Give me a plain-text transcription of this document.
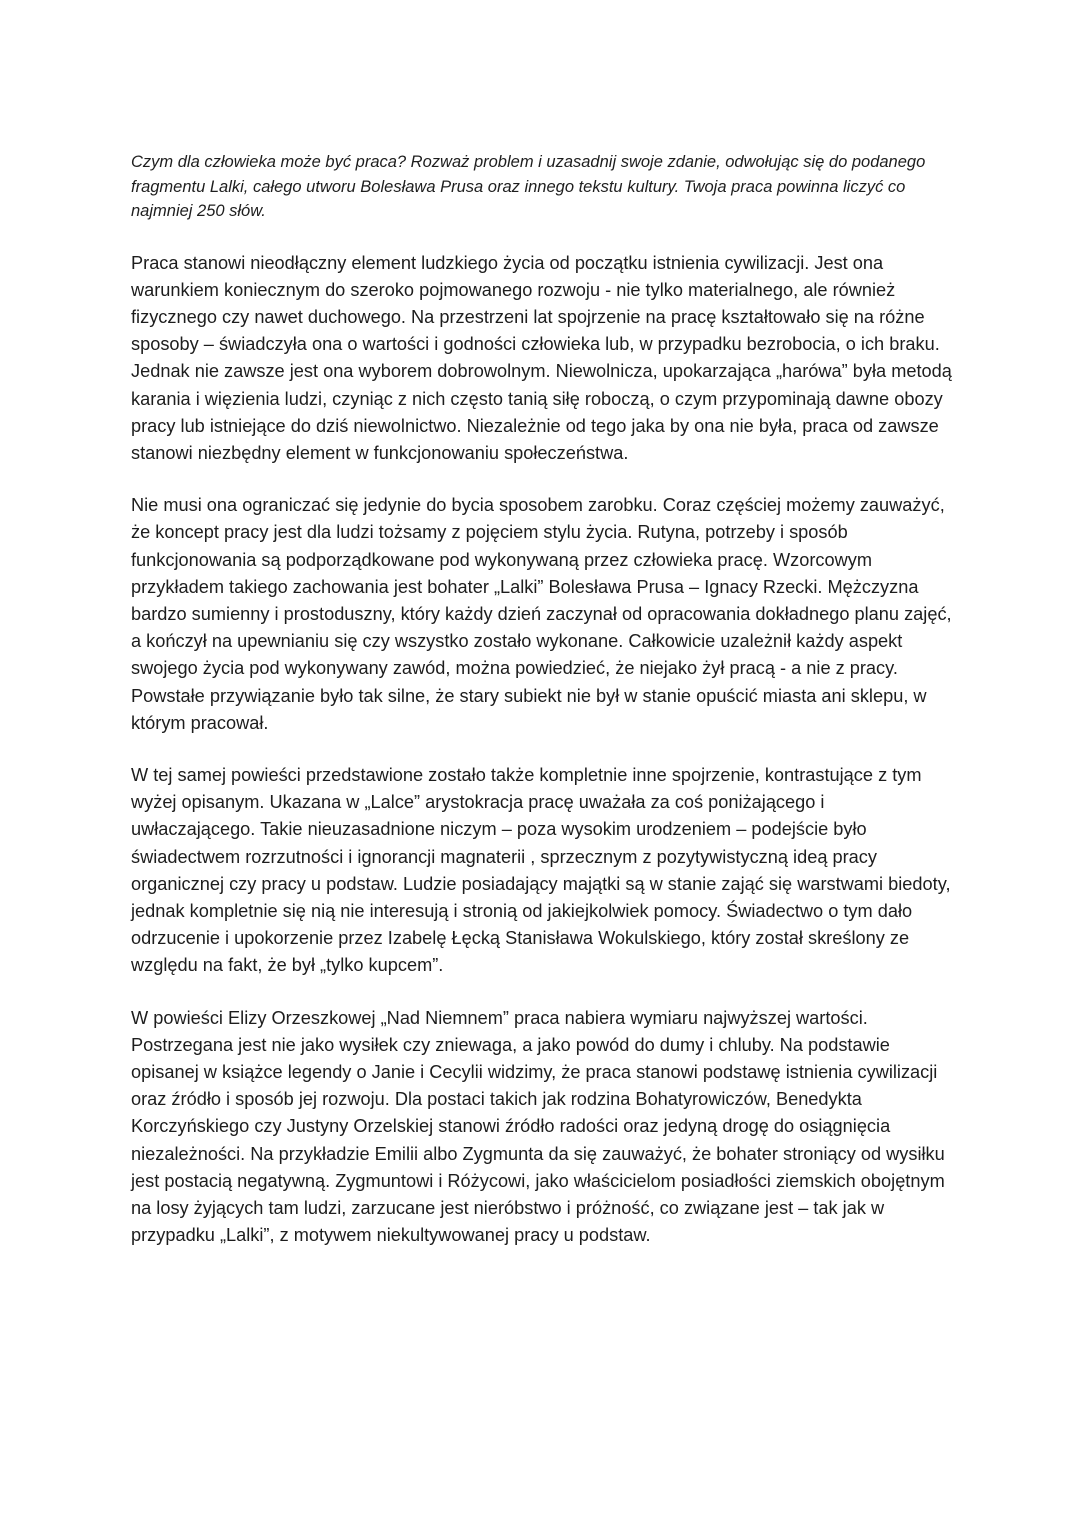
Czym dla człowieka może być praca? Rozważ problem i uzasadnij swoje zdanie, odwołując się do podanego fragmentu Lalki, całego utworu Bolesława Prusa oraz innego tekstu kultury. Twoja praca powinna liczyć co najmniej 250 słów.

Praca stanowi nieodłączny element ludzkiego życia od początku istnienia cywilizacji. Jest ona warunkiem koniecznym do szeroko pojmowanego rozwoju - nie tylko materialnego, ale również fizycznego czy nawet duchowego. Na przestrzeni lat spojrzenie na pracę kształtowało się na różne sposoby – świadczyła ona o wartości i godności człowieka lub, w przypadku bezrobocia, o ich braku. Jednak nie zawsze jest ona wyborem dobrowolnym. Niewolnicza, upokarzająca „harówa” była metodą karania i więzienia ludzi, czyniąc z nich często tanią siłę roboczą, o czym przypominają dawne obozy pracy lub istniejące do dziś niewolnictwo. Niezależnie od tego jaka by ona nie była, praca od zawsze stanowi niezbędny element w funkcjonowaniu społeczeństwa.

Nie musi ona ograniczać się jedynie do bycia sposobem zarobku. Coraz częściej możemy zauważyć, że koncept pracy jest dla ludzi tożsamy z pojęciem stylu życia. Rutyna, potrzeby i sposób funkcjonowania są podporządkowane pod wykonywaną przez człowieka pracę. Wzorcowym przykładem takiego zachowania jest bohater „Lalki” Bolesława Prusa – Ignacy Rzecki. Mężczyzna bardzo sumienny i prostoduszny, który każdy dzień zaczynał od opracowania dokładnego planu zajęć, a kończył na upewnianiu się czy wszystko zostało wykonane. Całkowicie uzależnił każdy aspekt swojego życia pod wykonywany zawód, można powiedzieć, że niejako żył pracą - a nie z pracy. Powstałe przywiązanie było tak silne, że stary subiekt nie był w stanie opuścić miasta ani sklepu, w którym pracował.

W tej samej powieści przedstawione zostało także kompletnie inne spojrzenie, kontrastujące z tym wyżej opisanym. Ukazana w „Lalce” arystokracja pracę uważała za coś poniżającego i uwłaczającego. Takie nieuzasadnione niczym – poza wysokim urodzeniem – podejście było świadectwem rozrzutności i ignorancji magnaterii , sprzecznym z pozytywistyczną ideą pracy organicznej czy pracy u podstaw. Ludzie posiadający majątki są w stanie zająć się warstwami biedoty, jednak kompletnie się nią nie interesują i stronią od jakiejkolwiek pomocy. Świadectwo o tym dało odrzucenie i upokorzenie przez Izabelę Łęcką Stanisława Wokulskiego, który został skreślony ze względu na fakt, że był „tylko kupcem”.

W powieści Elizy Orzeszkowej „Nad Niemnem” praca nabiera wymiaru najwyższej wartości. Postrzegana jest nie jako wysiłek czy zniewaga, a jako powód do dumy i chluby. Na podstawie opisanej w książce legendy o Janie i Cecylii widzimy, że praca stanowi podstawę istnienia cywilizacji oraz źródło i sposób jej rozwoju. Dla postaci takich jak rodzina Bohatyrowiczów, Benedykta Korczyńskiego czy Justyny Orzelskiej stanowi źródło radości oraz jedyną drogę do osiągnięcia niezależności. Na przykładzie Emilii albo Zygmunta da się zauważyć, że bohater stroniący od wysiłku jest postacią negatywną. Zygmuntowi i Różycowi, jako właścicielom posiadłości ziemskich obojętnym na losy żyjących tam ludzi, zarzucane jest nieróbstwo i próżność, co związane jest – tak jak w przypadku „Lalki”, z motywem niekultywowanej pracy u podstaw.
